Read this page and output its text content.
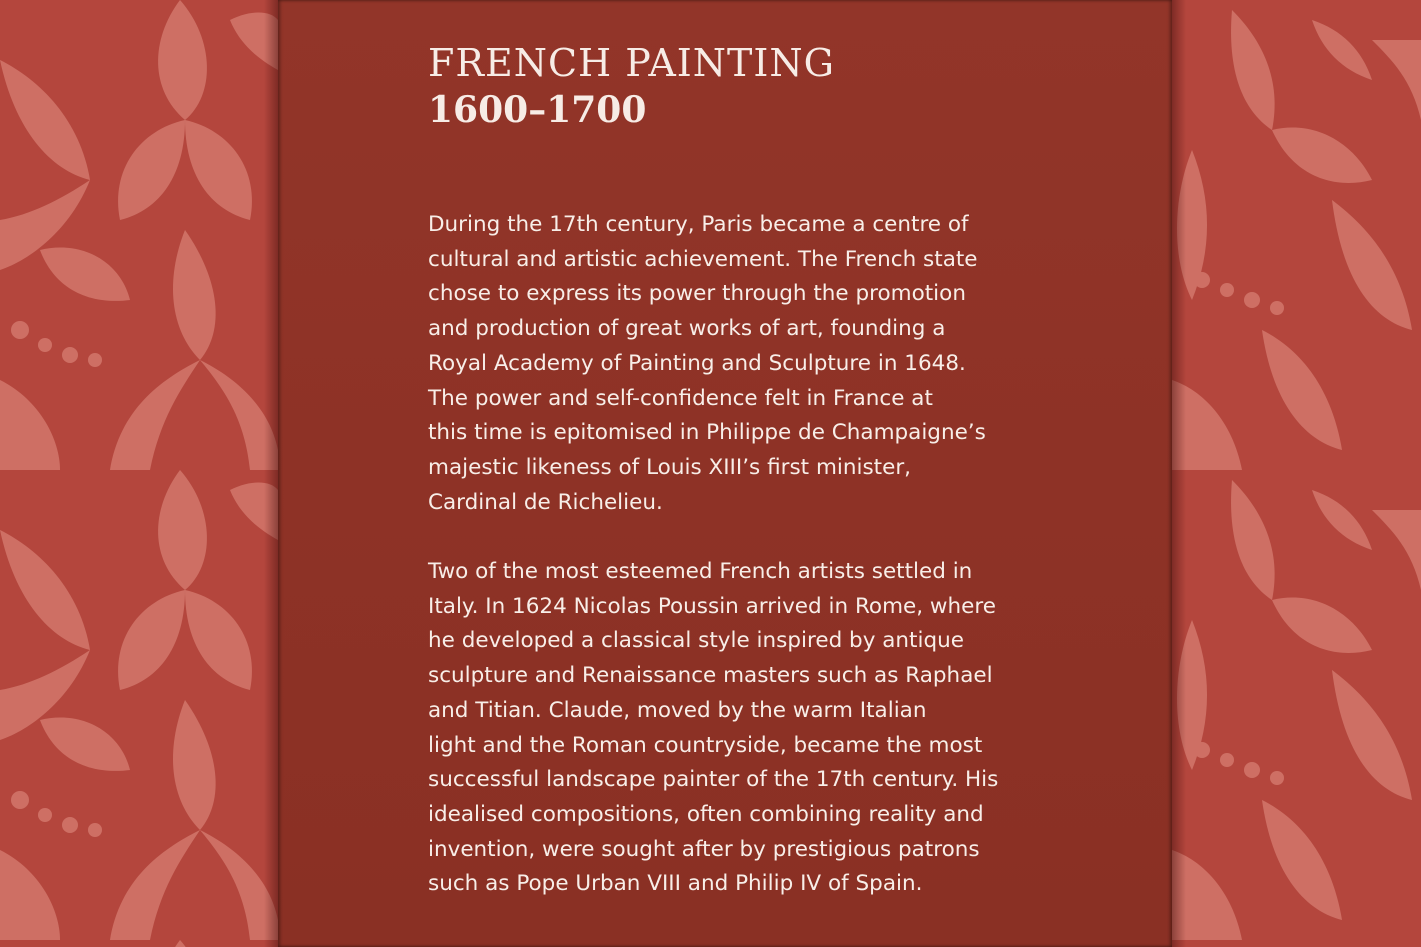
FRENCH PAINTING
1600–1700

During the 17th century, Paris became a centre of
cultural and artistic achievement. The French state
chose to express its power through the promotion
and production of great works of art, founding a
Royal Academy of Painting and Sculpture in 1648.
The power and self-confidence felt in France at
this time is epitomised in Philippe de Champaigne’s
majestic likeness of Louis XIII’s first minister,
Cardinal de Richelieu.

Two of the most esteemed French artists settled in
Italy. In 1624 Nicolas Poussin arrived in Rome, where
he developed a classical style inspired by antique
sculpture and Renaissance masters such as Raphael
and Titian. Claude, moved by the warm Italian
light and the Roman countryside, became the most
successful landscape painter of the 17th century. His
idealised compositions, often combining reality and
invention, were sought after by prestigious patrons
such as Pope Urban VIII and Philip IV of Spain.
